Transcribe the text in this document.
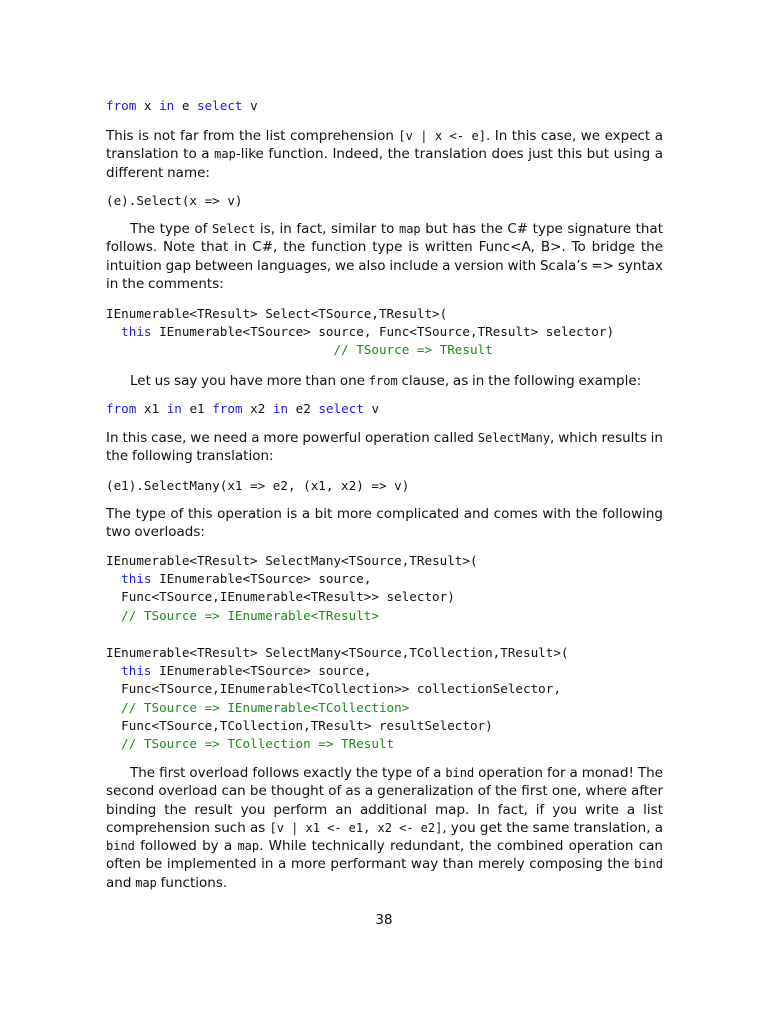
from x in e select v

This is not far from the list comprehension [v | x <- e]. In this case, we expect a translation to a map-like function. Indeed, the translation does just this but using a different name:

(e).Select(x => v)

The type of Select is, in fact, similar to map but has the C# type signature that follows. Note that in C#, the function type is written Func<A, B>. To bridge the intuition gap between languages, we also include a version with Scala’s => syntax in the comments:

IEnumerable<TResult> Select<TSource,TResult>(
this IEnumerable<TSource> source, Func<TSource,TResult> selector)
// TSource => TResult

Let us say you have more than one from clause, as in the following example:

from x1 in e1 from x2 in e2 select v

In this case, we need a more powerful operation called SelectMany, which results in the following translation:

(e1).SelectMany(x1 => e2, (x1, x2) => v)

The type of this operation is a bit more complicated and comes with the following two overloads:

IEnumerable<TResult> SelectMany<TSource,TResult>(
this IEnumerable<TSource> source,
Func<TSource,IEnumerable<TResult>> selector)
// TSource => IEnumerable<TResult>
IEnumerable<TResult> SelectMany<TSource,TCollection,TResult>(
this IEnumerable<TSource> source,
Func<TSource,IEnumerable<TCollection>> collectionSelector,
// TSource => IEnumerable<TCollection>
Func<TSource,TCollection,TResult> resultSelector)
// TSource => TCollection => TResult

The first overload follows exactly the type of a bind operation for a monad! The second overload can be thought of as a generalization of the first one, where after binding the result you perform an additional map. In fact, if you write a list comprehension such as [v | x1 <- e1, x2 <- e2], you get the same translation, a bind followed by a map. While technically redundant, the combined operation can often be implemented in a more performant way than merely composing the bind and map functions.

38
